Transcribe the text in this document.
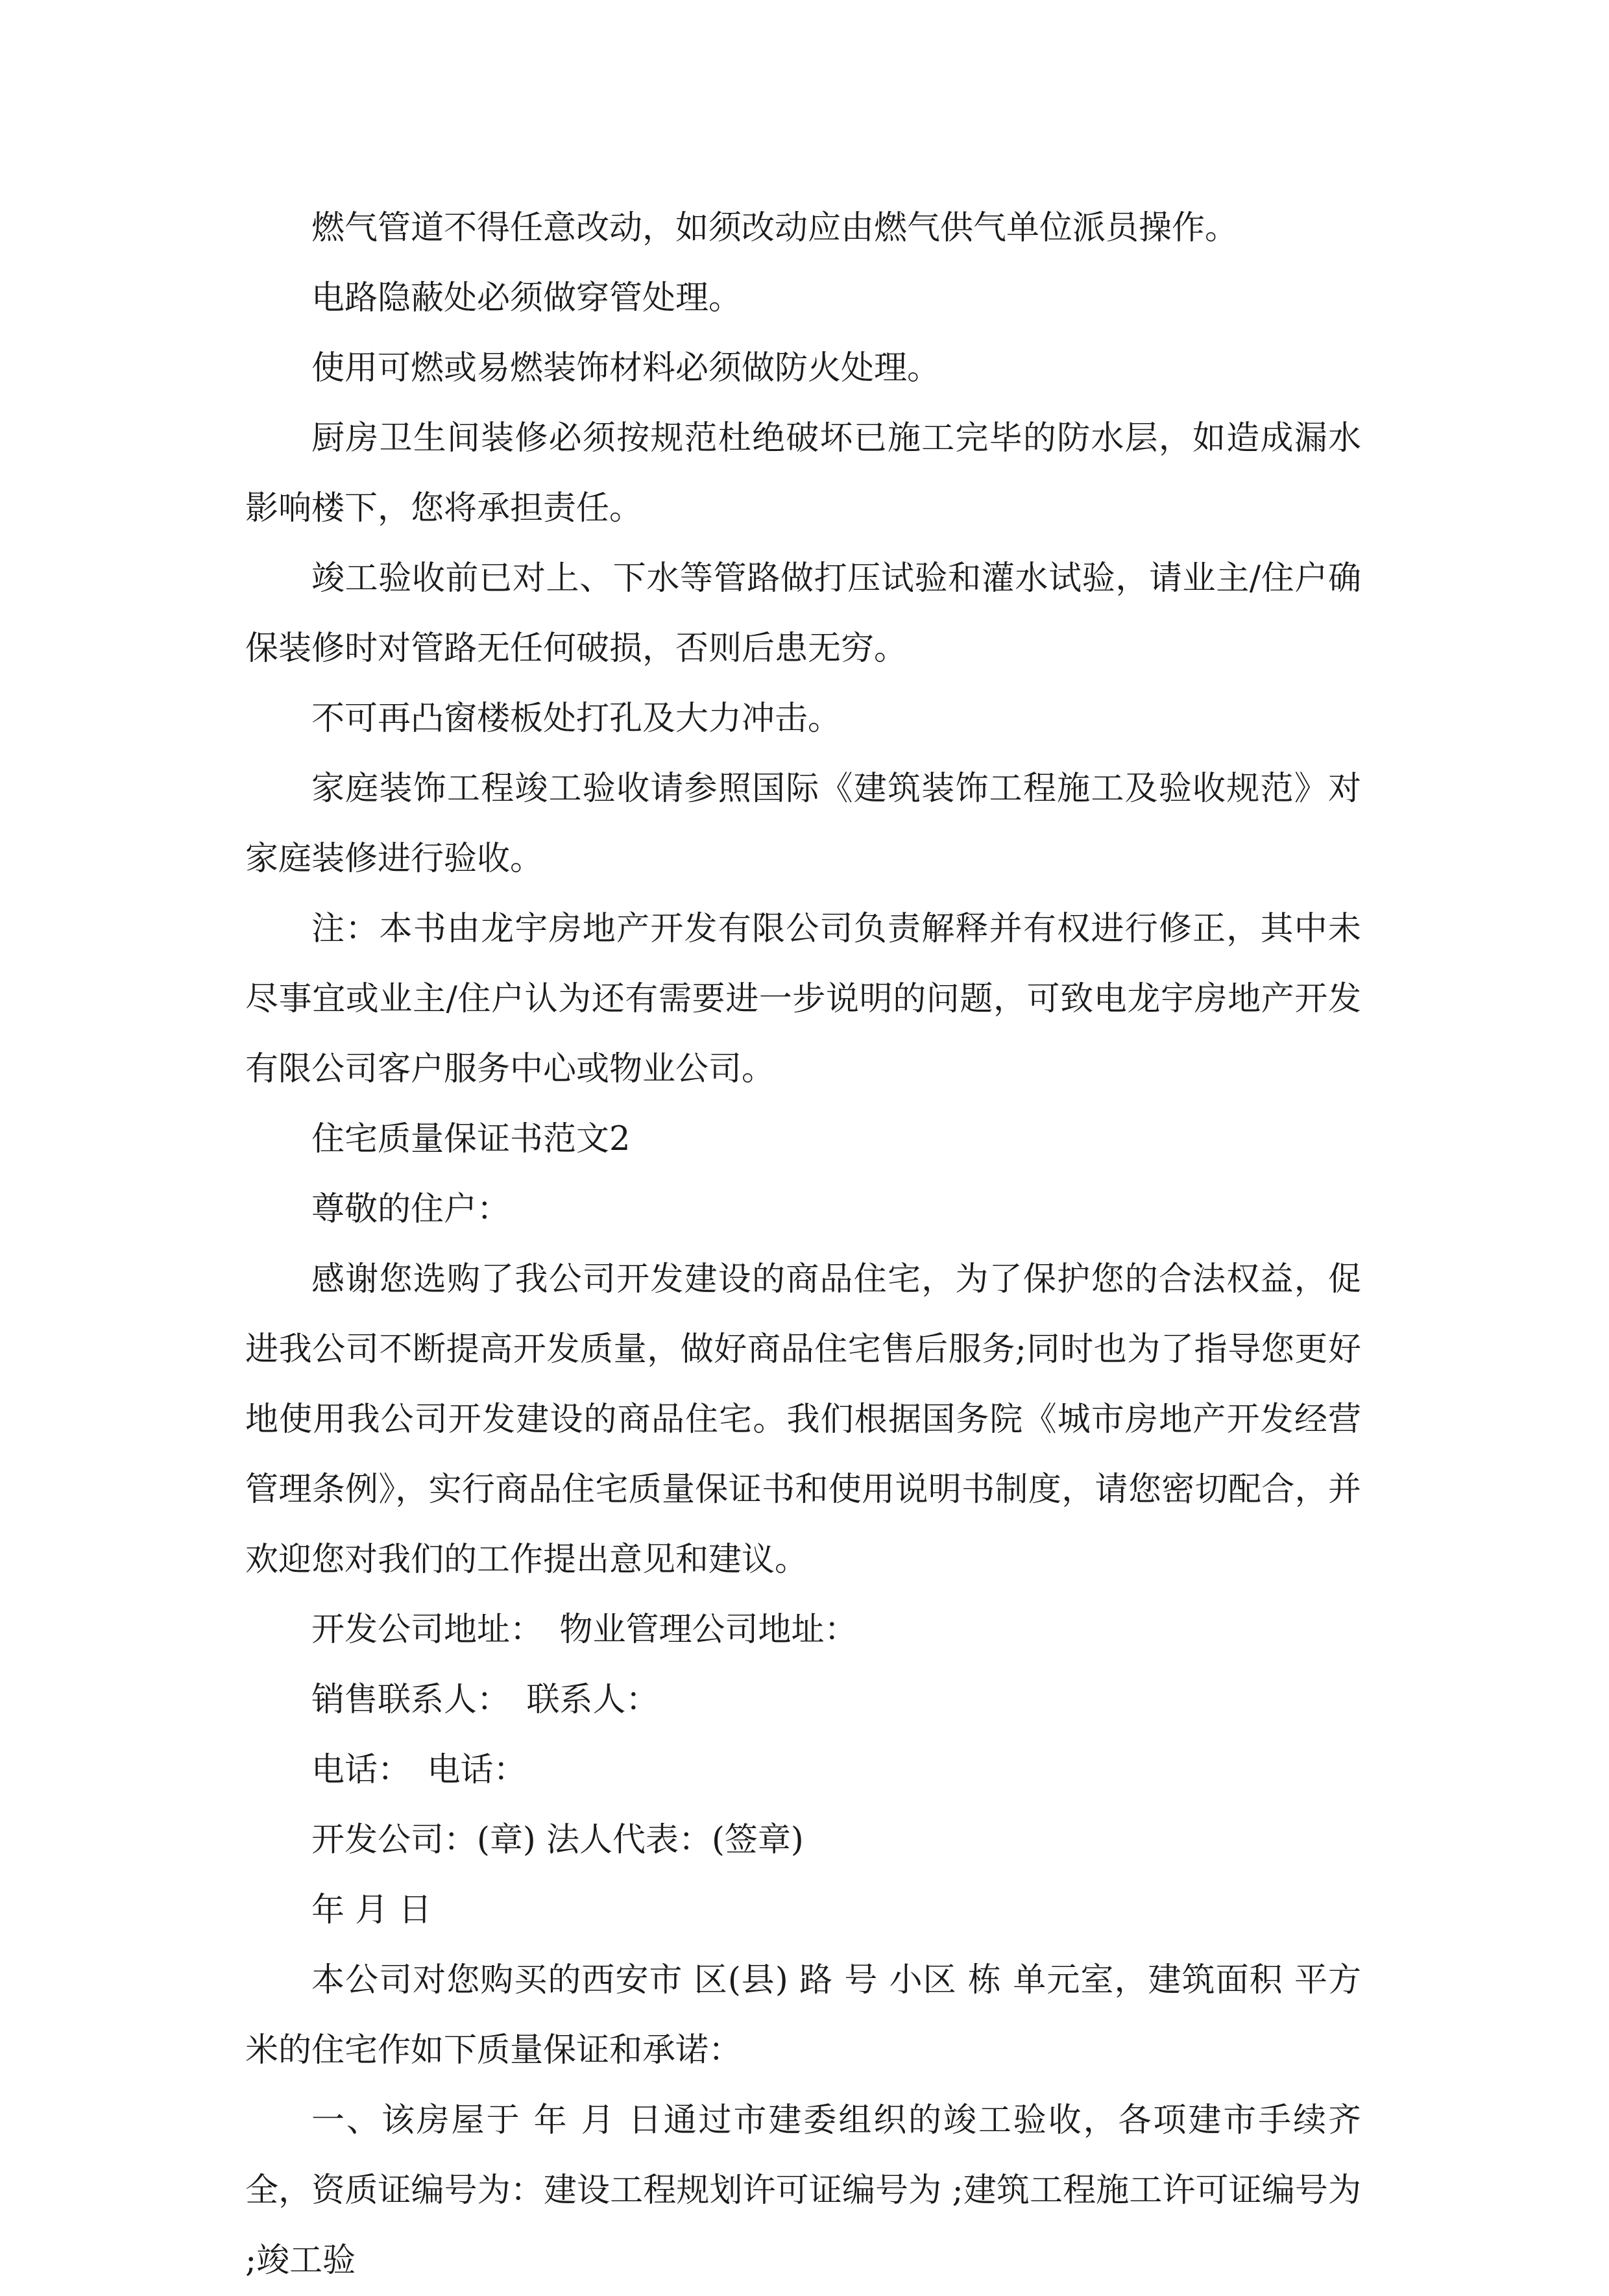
燃气管道不得任意改动，如须改动应由燃气供气单位派员操作。

电路隐蔽处必须做穿管处理。

使用可燃或易燃装饰材料必须做防火处理。

厨房卫生间装修必须按规范杜绝破坏已施工完毕的防水层，如造成漏水影响楼下，您将承担责任。

竣工验收前已对上、下水等管路做打压试验和灌水试验，请业主/住户确保装修时对管路无任何破损，否则后患无穷。

不可再凸窗楼板处打孔及大力冲击。

家庭装饰工程竣工验收请参照国际《建筑装饰工程施工及验收规范》对家庭装修进行验收。

注：本书由龙宇房地产开发有限公司负责解释并有权进行修正，其中未尽事宜或业主/住户认为还有需要进一步说明的问题，可致电龙宇房地产开发有限公司客户服务中心或物业公司。

住宅质量保证书范文2

尊敬的住户：

感谢您选购了我公司开发建设的商品住宅，为了保护您的合法权益，促进我公司不断提高开发质量，做好商品住宅售后服务;同时也为了指导您更好地使用我公司开发建设的商品住宅。我们根据国务院《城市房地产开发经营管理条例》，实行商品住宅质量保证书和使用说明书制度，请您密切配合，并欢迎您对我们的工作提出意见和建议。

开发公司地址：　物业管理公司地址：

销售联系人：　联系人：

电话：　电话：

开发公司：(章) 法人代表：(签章)

年 月 日

本公司对您购买的西安市 区(县) 路 号 小区 栋 单元室，建筑面积 平方米的住宅作如下质量保证和承诺：

一、该房屋于 年 月 日通过市建委组织的竣工验收，各项建市手续齐全，资质证编号为：建设工程规划许可证编号为 ;建筑工程施工许可证编号为 ;竣工验
